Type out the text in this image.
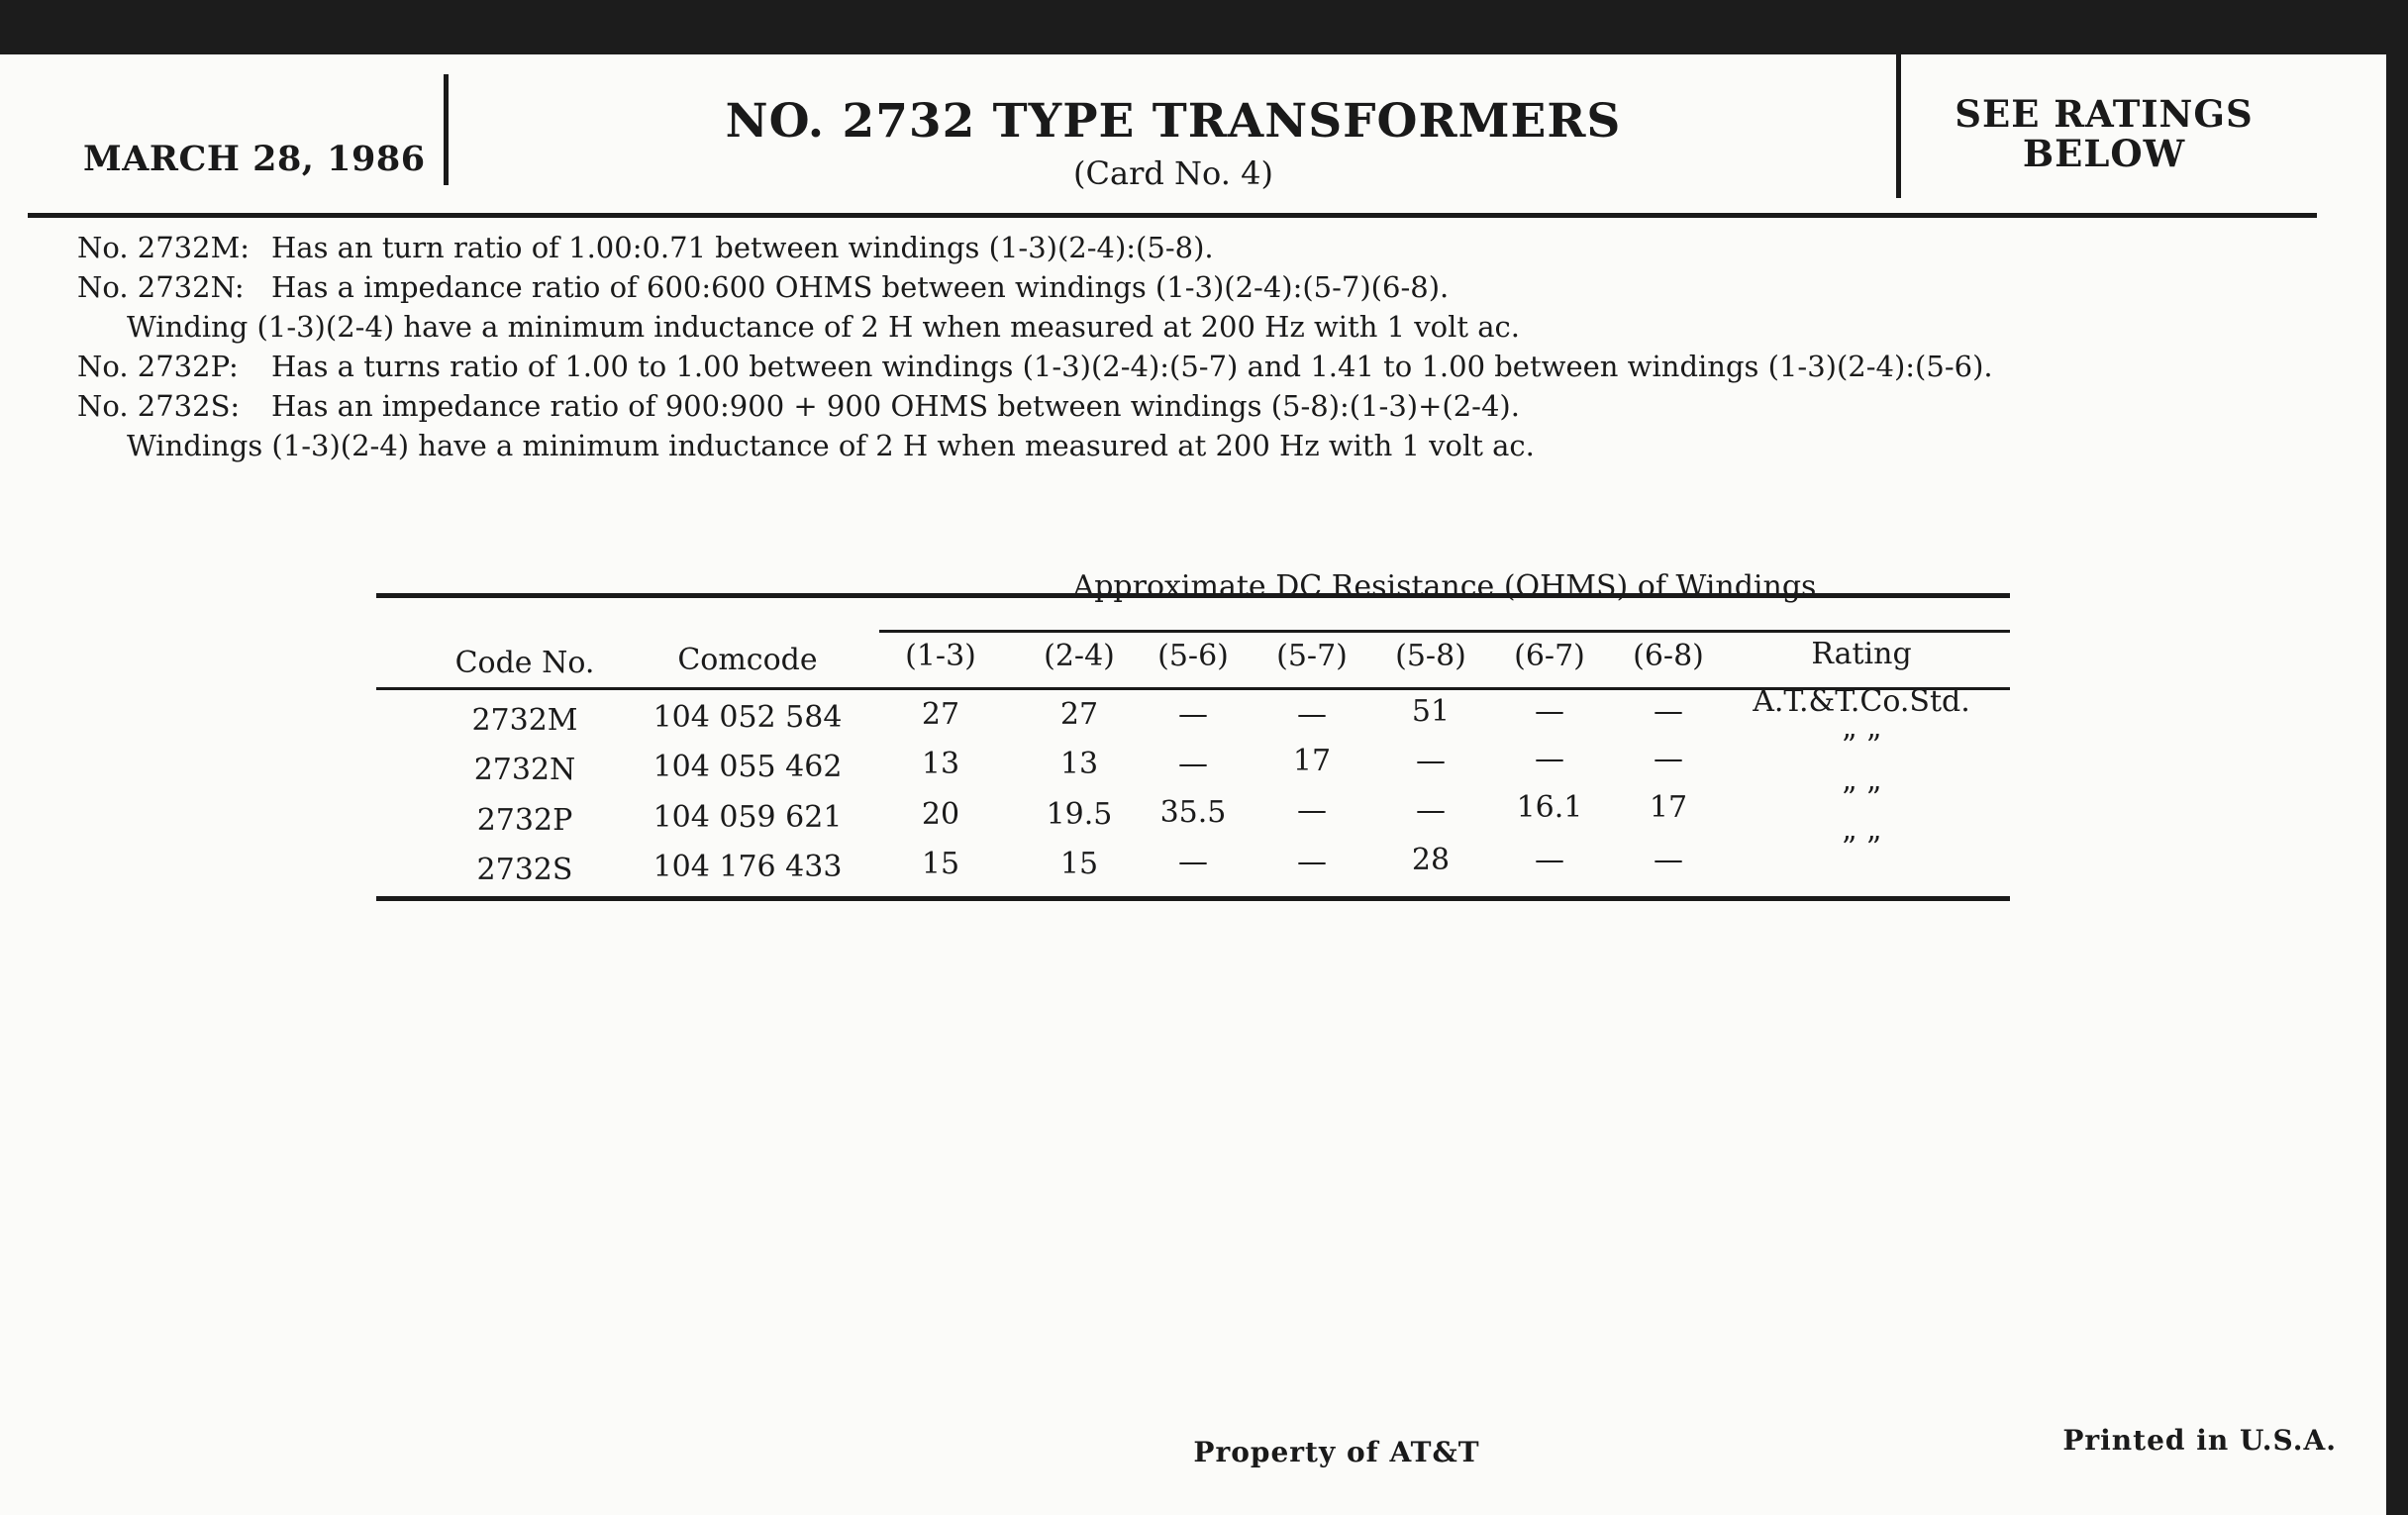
MARCH 28, 1986
NO. 2732 TYPE TRANSFORMERS
(Card No. 4)
SEE RATINGS
BELOW
No. 2732M: Has an turn ratio of 1.00:0.71 between windings (1-3)(2-4):(5-8).
No. 2732N: Has a impedance ratio of 600:600 OHMS between windings (1-3)(2-4):(5-7)(6-8).
Winding (1-3)(2-4) have a minimum inductance of 2 H when measured at 200 Hz with 1 volt ac.
No. 2732P:	Has a turns ratio of 1.00 to 1.00 between windings (1-3)(2-4):(5-7) and 1.41 to 1.00 between windings (1-3)(2-4):(5-6).
No. 2732S:	Has an impedance ratio of 900:900 + 900 OHMS between windings (5-8):(1-3)+(2-4).
Windings (1-3)(2-4) have a minimum inductance of 2 H when measured at 200 Hz with 1 volt ac.
Approximate DC Resistance (OHMS) of Windings
Code No.	Comcode	(1-3)	(2-4)	(5-6)	(5-7)	(5-8)	(6-7)	(6-8)	Rating
2732M	104 052 584	27	27	—	—	51	—	—	A.T.&T.Co.Std.
2732N	104 055 462	13	13	—	17	—	—	—	” ”
2732P	104 059 621	20	19.5	35.5	—	—	16.1	17	” ”
2732S	104 176 433	15	15	—	—	28	—	—	” ”
Property of AT&T	Printed in U.S.A.
